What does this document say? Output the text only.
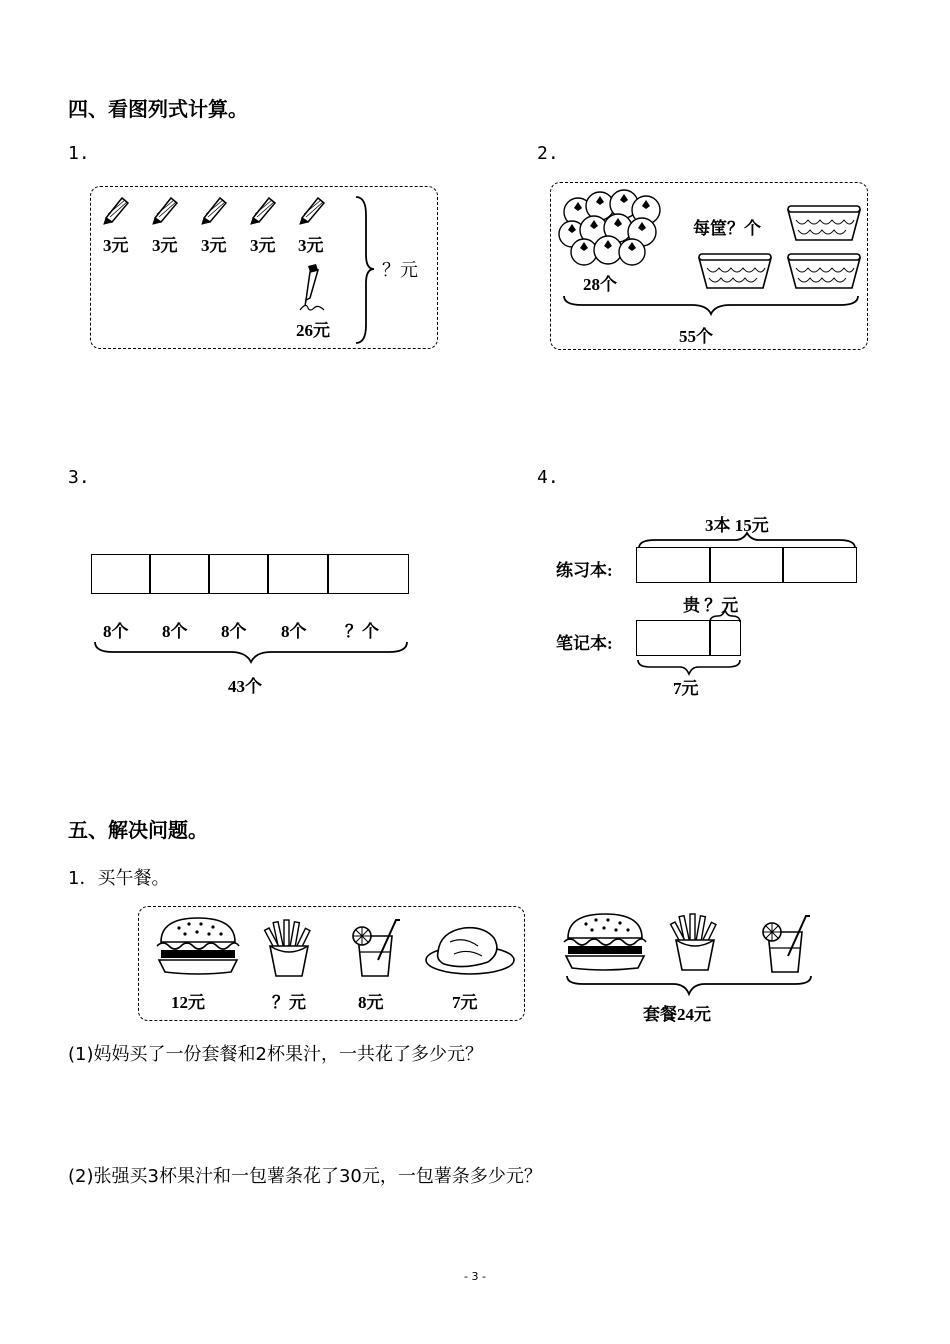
四、看图列式计算。
1.
3元 3元 3元 3元 3元
26元
？元
2.
28个
每筐？个
55个
3.
8个 8个 8个 8个 ？个
43个
4.
3本 15元
练习本:
贵 ？元
笔记本:
7元
五、解决问题。
1．买午餐。
12元	？元	8元	7元
套餐24元
(1)妈妈买了一份套餐和2杯果汁，一共花了多少元？
(2)张强买3杯果汁和一包薯条花了30元，一包薯条多少元？
- 3 -
